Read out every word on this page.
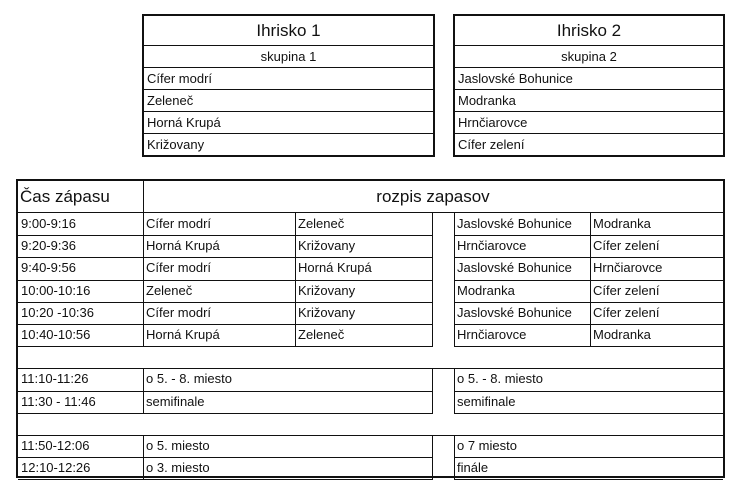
Ihrisko 1
skupina 1
Cífer modrí
Zeleneč
Horná Krupá
Križovany
Ihrisko 2
skupina 2
Jaslovské Bohunice
Modranka
Hrnčiarovce
Cífer zelení
Čas zápasu	rozpis zapasov
9:00-9:16	Cífer modrí	Zeleneč	Jaslovské Bohunice	Modranka
9:20-9:36	Horná Krupá	Križovany	Hrnčiarovce	Cífer zelení
9:40-9:56	Cífer modrí	Horná Krupá	Jaslovské Bohunice	Hrnčiarovce
10:00-10:16	Zeleneč	Križovany	Modranka	Cífer zelení
10:20 -10:36	Cífer modrí	Križovany	Jaslovské Bohunice	Cífer zelení
10:40-10:56	Horná Krupá	Zeleneč	Hrnčiarovce	Modranka
11:10-11:26	o 5. - 8. miesto	o 5. - 8. miesto
11:30 - 11:46	semifinale	semifinale
11:50-12:06	o 5. miesto	o 7 miesto
12:10-12:26	o 3. miesto	finále
